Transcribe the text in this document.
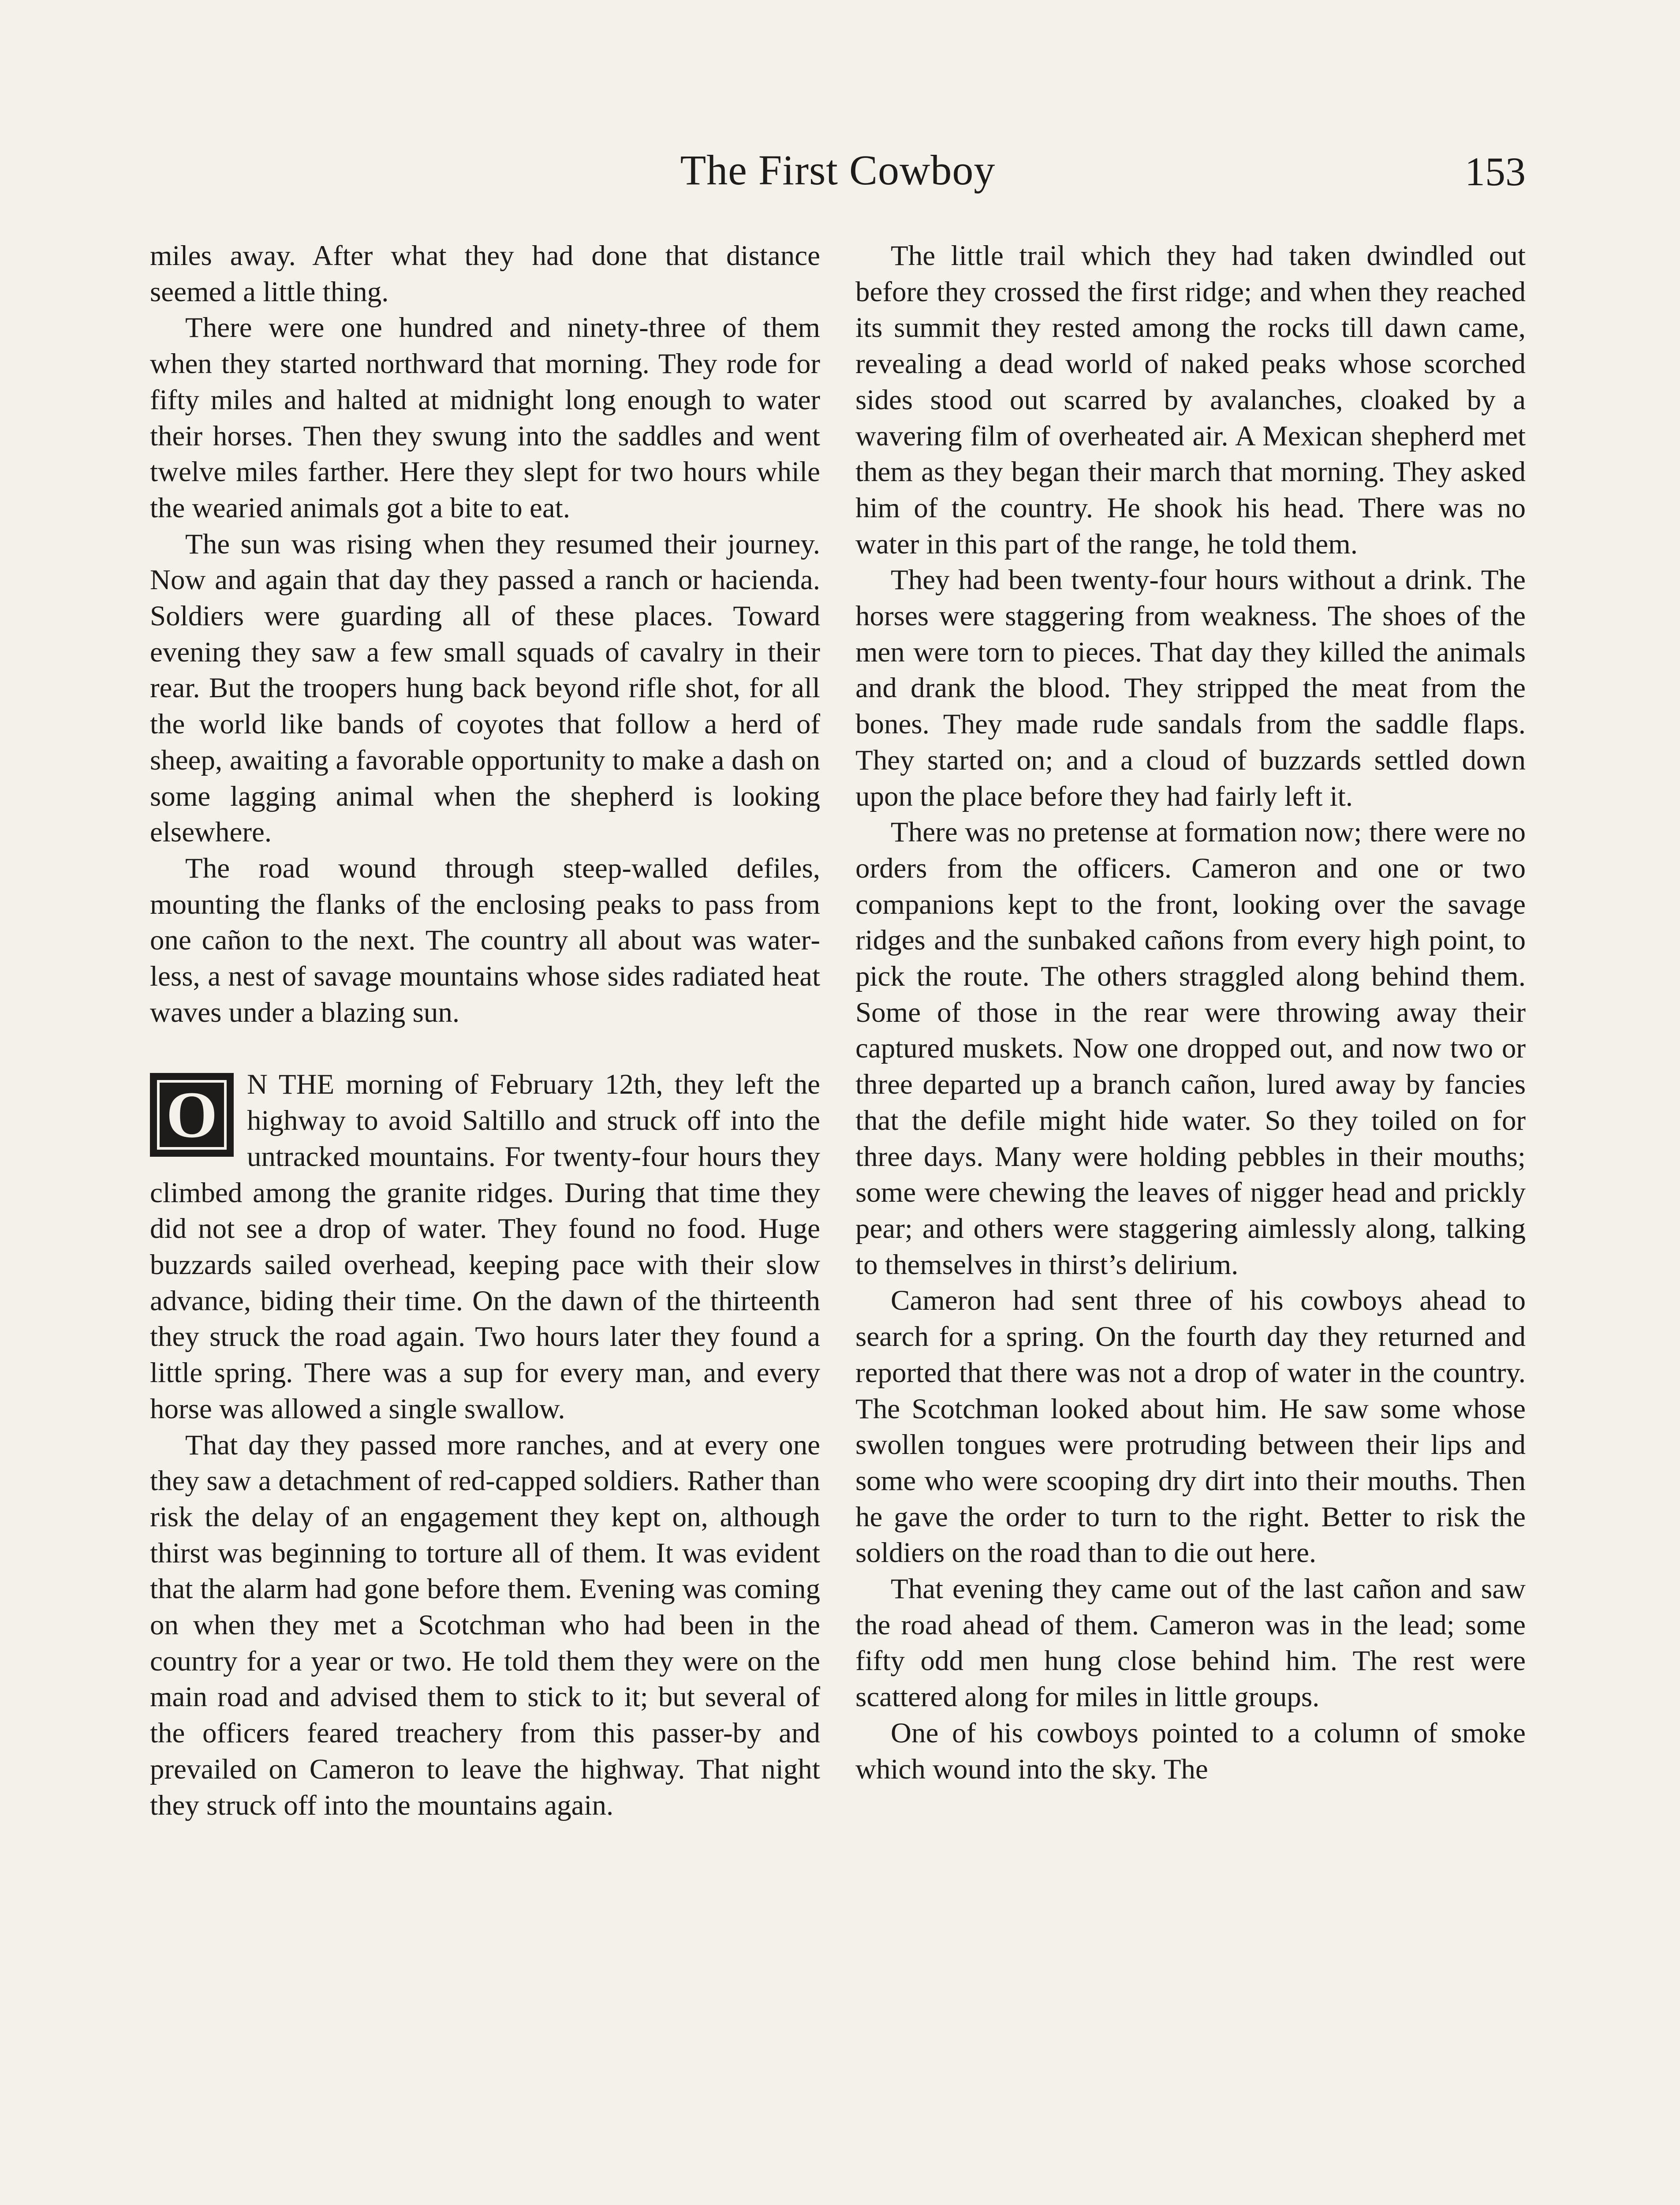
The First Cowboy	153

miles away. After what they had done that distance seemed a little thing.

There were one hundred and ninety-three of them when they started northward that morning. They rode for fifty miles and halted at midnight long enough to water their horses. Then they swung into the saddles and went twelve miles farther. Here they slept for two hours while the wearied animals got a bite to eat.

The sun was rising when they resumed their journey. Now and again that day they passed a ranch or hacienda. Soldiers were guarding all of these places. Toward evening they saw a few small squads of cavalry in their rear. But the troopers hung back beyond rifle shot, for all the world like bands of coyotes that follow a herd of sheep, awaiting a favorable opportunity to make a dash on some lagging animal when the shepherd is looking elsewhere.

The road wound through steep-walled defiles, mounting the flanks of the enclosing peaks to pass from one cañon to the next. The country all about was waterless, a nest of savage mountains whose sides radiated heat waves under a blazing sun.

O	N THE morning of February 12th, they left the highway to avoid Saltillo and struck off into the untracked mountains. For twenty-four hours they climbed among the granite ridges. During that time they did not see a drop of water. They found no food. Huge buzzards sailed overhead, keeping pace with their slow advance, biding their time. On the dawn of the thirteenth they struck the road again. Two hours later they found a little spring. There was a sup for every man, and every horse was allowed a single swallow.

That day they passed more ranches, and at every one they saw a detachment of red-capped soldiers. Rather than risk the delay of an engagement they kept on, although thirst was beginning to torture all of them. It was evident that the alarm had gone before them. Evening was coming on when they met a Scotchman who had been in the country for a year or two. He told them they were on the main road and advised them to stick to it; but several of the officers feared treachery from this passer-by and prevailed on Cameron to leave the highway. That night they struck off into the mountains again.

The little trail which they had taken dwindled out before they crossed the first ridge; and when they reached its summit they rested among the rocks till dawn came, revealing a dead world of naked peaks whose scorched sides stood out scarred by avalanches, cloaked by a wavering film of overheated air. A Mexican shepherd met them as they began their march that morning. They asked him of the country. He shook his head. There was no water in this part of the range, he told them.

They had been twenty-four hours without a drink. The horses were staggering from weakness. The shoes of the men were torn to pieces. That day they killed the animals and drank the blood. They stripped the meat from the bones. They made rude sandals from the saddle flaps. They started on; and a cloud of buzzards settled down upon the place before they had fairly left it.

There was no pretense at formation now; there were no orders from the officers. Cameron and one or two companions kept to the front, looking over the savage ridges and the sunbaked cañons from every high point, to pick the route. The others straggled along behind them. Some of those in the rear were throwing away their captured muskets. Now one dropped out, and now two or three departed up a branch cañon, lured away by fancies that the defile might hide water. So they toiled on for three days. Many were holding pebbles in their mouths; some were chewing the leaves of nigger head and prickly pear; and others were staggering aimlessly along, talking to themselves in thirst’s delirium.

Cameron had sent three of his cowboys ahead to search for a spring. On the fourth day they returned and reported that there was not a drop of water in the country. The Scotchman looked about him. He saw some whose swollen tongues were protruding between their lips and some who were scooping dry dirt into their mouths. Then he gave the order to turn to the right. Better to risk the soldiers on the road than to die out here.

That evening they came out of the last cañon and saw the road ahead of them. Cameron was in the lead; some fifty odd men hung close behind him. The rest were scattered along for miles in little groups.

One of his cowboys pointed to a column of smoke which wound into the sky. The
